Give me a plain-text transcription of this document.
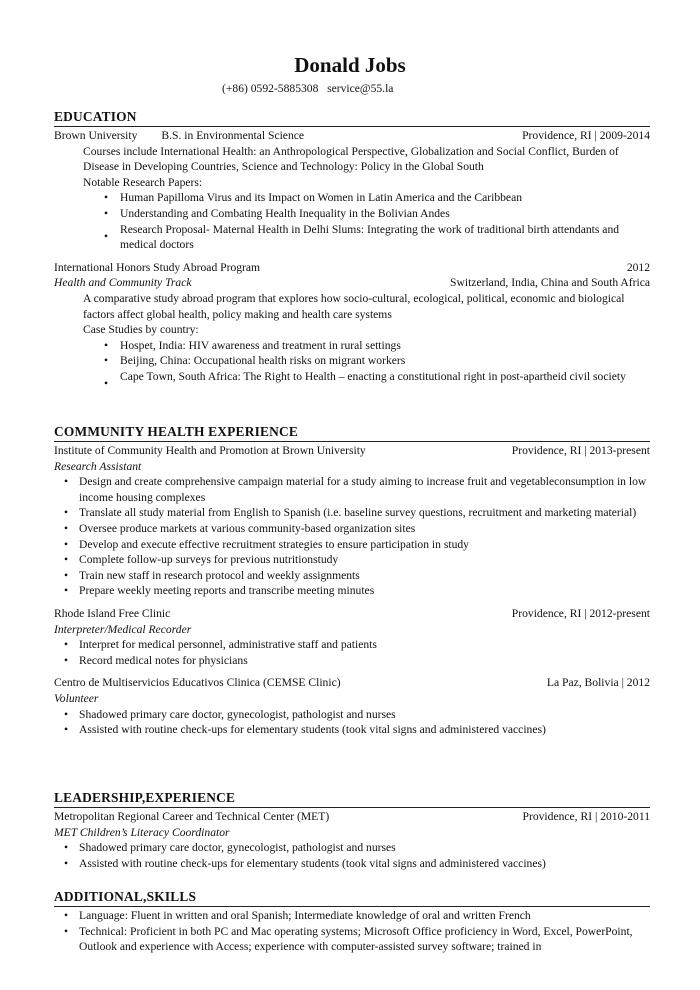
Donald Jobs
(+86) 0592-5885308   service@55.la
EDUCATION
Brown University B.S. in Environmental Science	Providence, RI | 2009-2014
Courses include International Health: an Anthropological Perspective, Globalization and Social Conflict, Burden of Disease in Developing Countries, Science and Technology: Policy in the Global South
Notable Research Papers:
• Human Papilloma Virus and its Impact on Women in Latin America and the Caribbean
• Understanding and Combating Health Inequality in the Bolivian Andes
• Research Proposal- Maternal Health in Delhi Slums: Integrating the work of traditional birth attendants and medical doctors
International Honors Study Abroad Program	2012
Health and Community Track	Switzerland, India, China and South Africa
A comparative study abroad program that explores how socio-cultural, ecological, political, economic and biological factors affect global health, policy making and health care systems
Case Studies by country:
• Hospet, India: HIV awareness and treatment in rural settings
• Beijing, China: Occupational health risks on migrant workers
• Cape Town, South Africa: The Right to Health – enacting a constitutional right in post-apartheid civil society
COMMUNITY HEALTH EXPERIENCE
Institute of Community Health and Promotion at Brown University	Providence, RI | 2013-present
Research Assistant
• Design and create comprehensive campaign material for a study aiming to increase fruit and vegetableconsumption in low income housing complexes
• Translate all study material from English to Spanish (i.e. baseline survey questions, recruitment and marketing material)
• Oversee produce markets at various community-based organization sites
• Develop and execute effective recruitment strategies to ensure participation in study
• Complete follow-up surveys for previous nutritionstudy
• Train new staff in research protocol and weekly assignments
• Prepare weekly meeting reports and transcribe meeting minutes
Rhode Island Free Clinic	Providence, RI | 2012-present
Interpreter/Medical Recorder
• Interpret for medical personnel, administrative staff and patients
• Record medical notes for physicians
Centro de Multiservicios Educativos Clinica (CEMSE Clinic)	La Paz, Bolivia | 2012
Volunteer
• Shadowed primary care doctor, gynecologist, pathologist and nurses
• Assisted with routine check-ups for elementary students (took vital signs and administered vaccines)
LEADERSHIP,EXPERIENCE
Metropolitan Regional Career and Technical Center (MET)	Providence, RI | 2010-2011
MET Children’s Literacy Coordinator
• Shadowed primary care doctor, gynecologist, pathologist and nurses
• Assisted with routine check-ups for elementary students (took vital signs and administered vaccines)
ADDITIONAL,SKILLS
• Language: Fluent in written and oral Spanish; Intermediate knowledge of oral and written French
• Technical: Proficient in both PC and Mac operating systems; Microsoft Office proficiency in Word, Excel, PowerPoint, Outlook and experience with Access; experience with computer-assisted survey software; trained in
